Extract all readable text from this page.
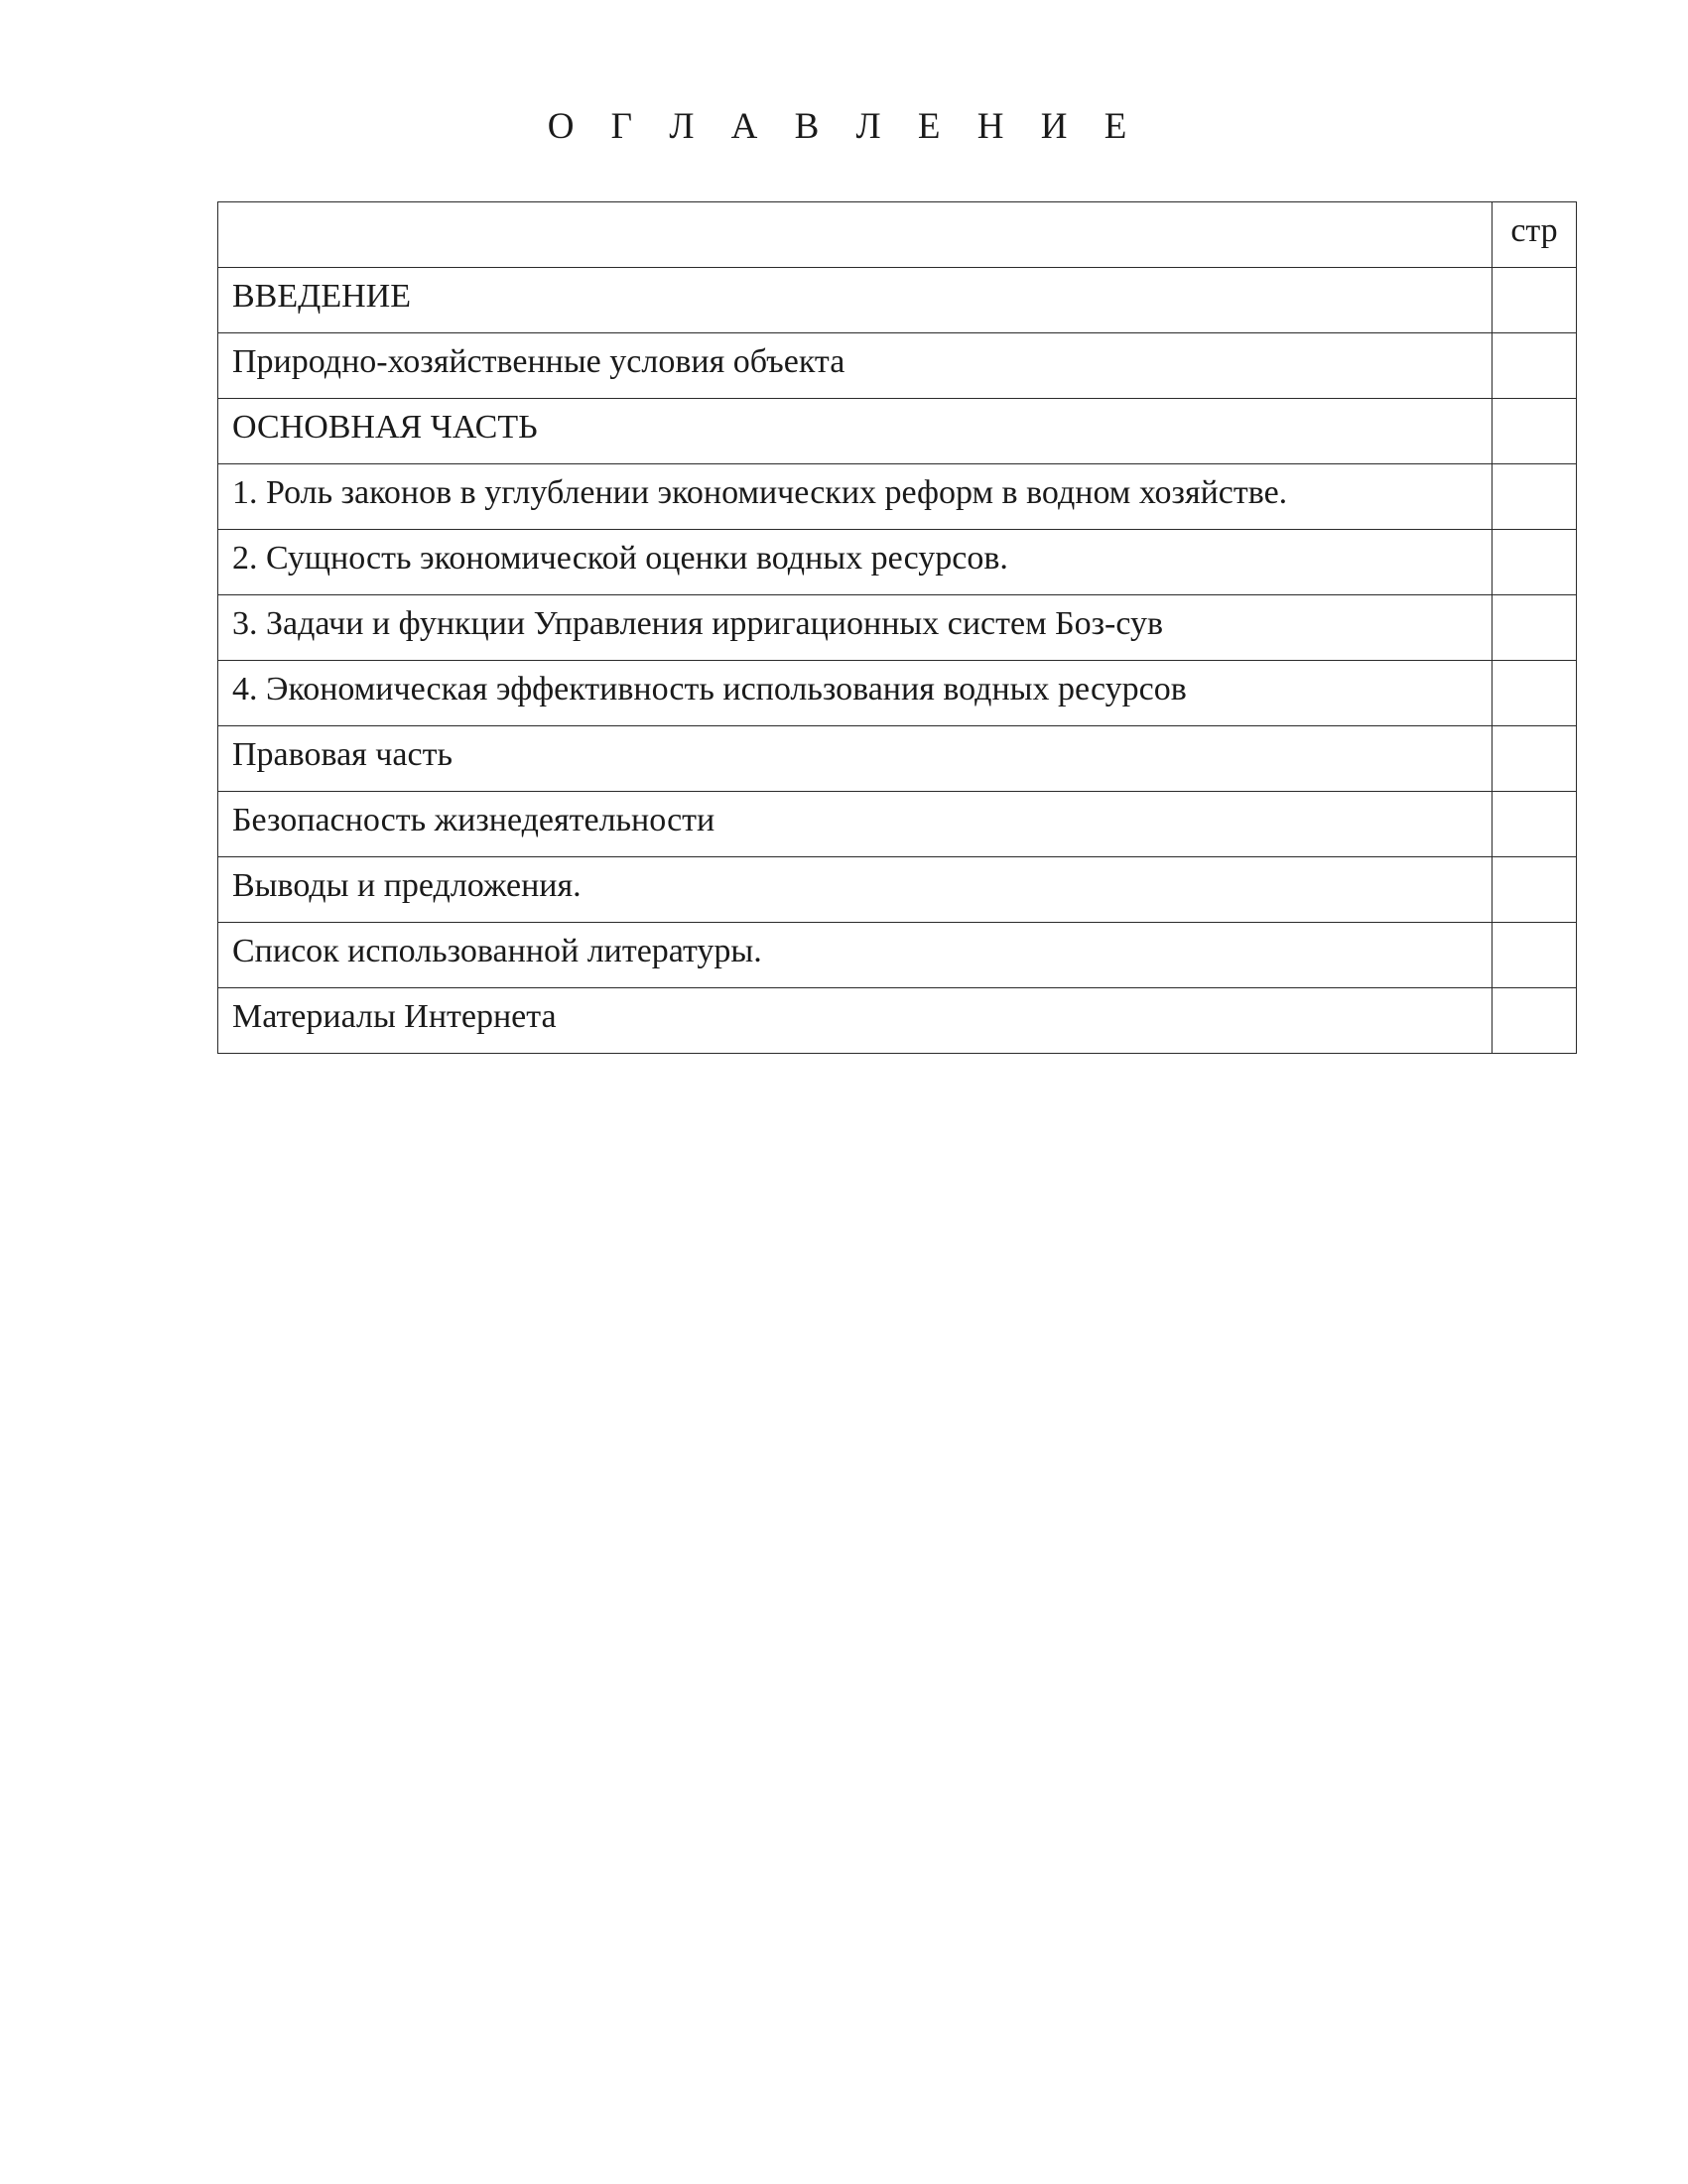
О Г Л А В Л Е Н И Е
	стр
ВВЕДЕНИЕ	
Природно-хозяйственные условия объекта	
ОСНОВНАЯ ЧАСТЬ	
1. Роль законов в углублении экономических реформ в водном хозяйстве.	
2. Сущность экономической оценки водных ресурсов.	
3. Задачи и функции Управления ирригационных систем Боз-сув	
4. Экономическая эффективность использования водных ресурсов	
Правовая часть	
Безопасность жизнедеятельности	
Выводы и предложения.	
Список использованной литературы.	
Материалы Интернета	
